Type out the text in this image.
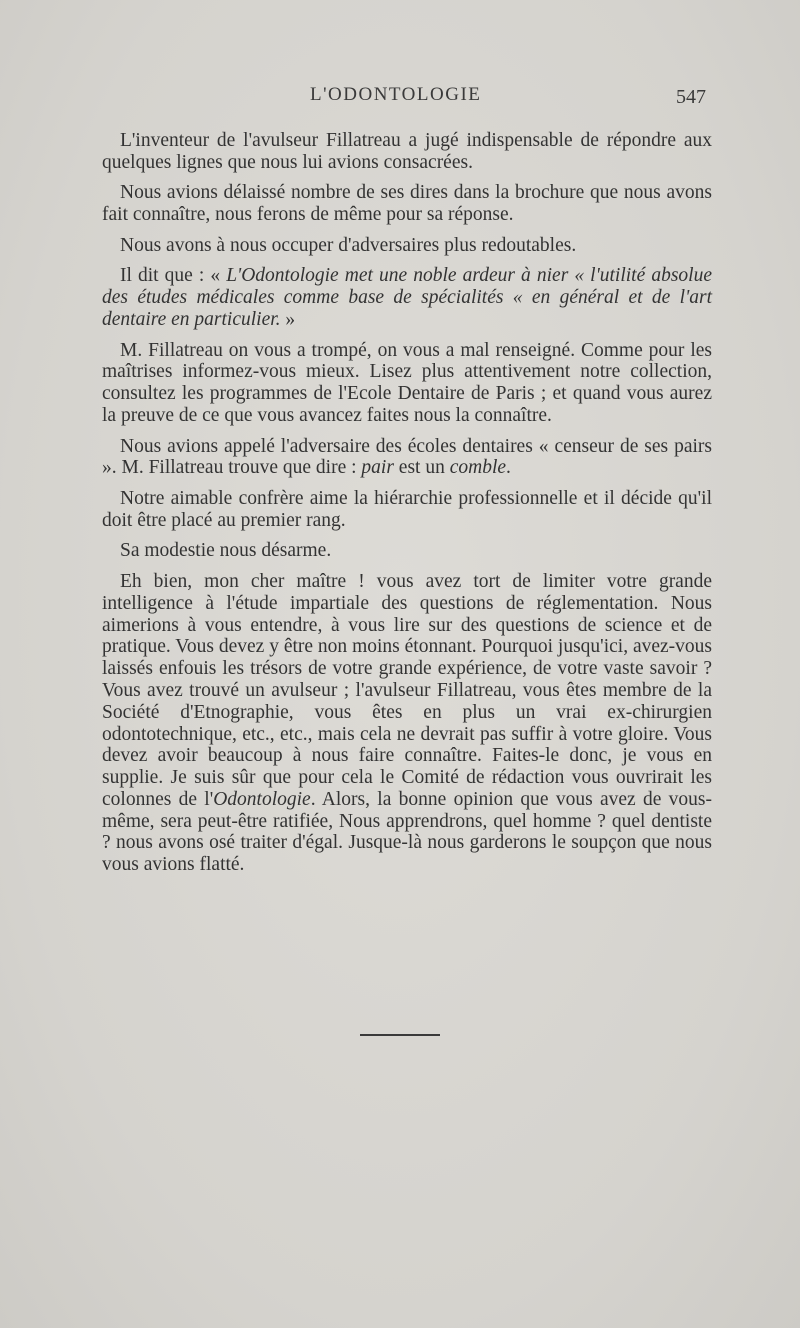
L'ODONTOLOGIE	547

L'inventeur de l'avulseur Fillatreau a jugé indispensable de répondre aux quelques lignes que nous lui avions consacrées.

Nous avions délaissé nombre de ses dires dans la brochure que nous avons fait connaître, nous ferons de même pour sa réponse.

Nous avons à nous occuper d'adversaires plus redoutables.

Il dit que : « L'Odontologie met une noble ardeur à nier « l'utilité absolue des études médicales comme base de spécialités « en général et de l'art dentaire en particulier. »

M. Fillatreau on vous a trompé, on vous a mal renseigné. Comme pour les maîtrises informez-vous mieux. Lisez plus attentivement notre collection, consultez les programmes de l'Ecole Dentaire de Paris ; et quand vous aurez la preuve de ce que vous avancez faites nous la connaître.

Nous avions appelé l'adversaire des écoles dentaires « censeur de ses pairs ». M. Fillatreau trouve que dire : pair est un comble.

Notre aimable confrère aime la hiérarchie professionnelle et il décide qu'il doit être placé au premier rang.

Sa modestie nous désarme.

Eh bien, mon cher maître ! vous avez tort de limiter votre grande intelligence à l'étude impartiale des questions de réglementation. Nous aimerions à vous entendre, à vous lire sur des questions de science et de pratique. Vous devez y être non moins étonnant. Pourquoi jusqu'ici, avez-vous laissés enfouis les trésors de votre grande expérience, de votre vaste savoir ? Vous avez trouvé un avulseur ; l'avulseur Fillatreau, vous êtes membre de la Société d'Etnographie, vous êtes en plus un vrai ex-chirurgien odontotechnique, etc., etc., mais cela ne devrait pas suffir à votre gloire. Vous devez avoir beaucoup à nous faire connaître. Faites-le donc, je vous en supplie. Je suis sûr que pour cela le Comité de rédaction vous ouvrirait les colonnes de l'Odontologie. Alors, la bonne opinion que vous avez de vous-même, sera peut-être ratifiée, Nous apprendrons, quel homme ? quel dentiste ? nous avons osé traiter d'égal. Jusque-là nous garderons le soupçon que nous vous avions flatté.
